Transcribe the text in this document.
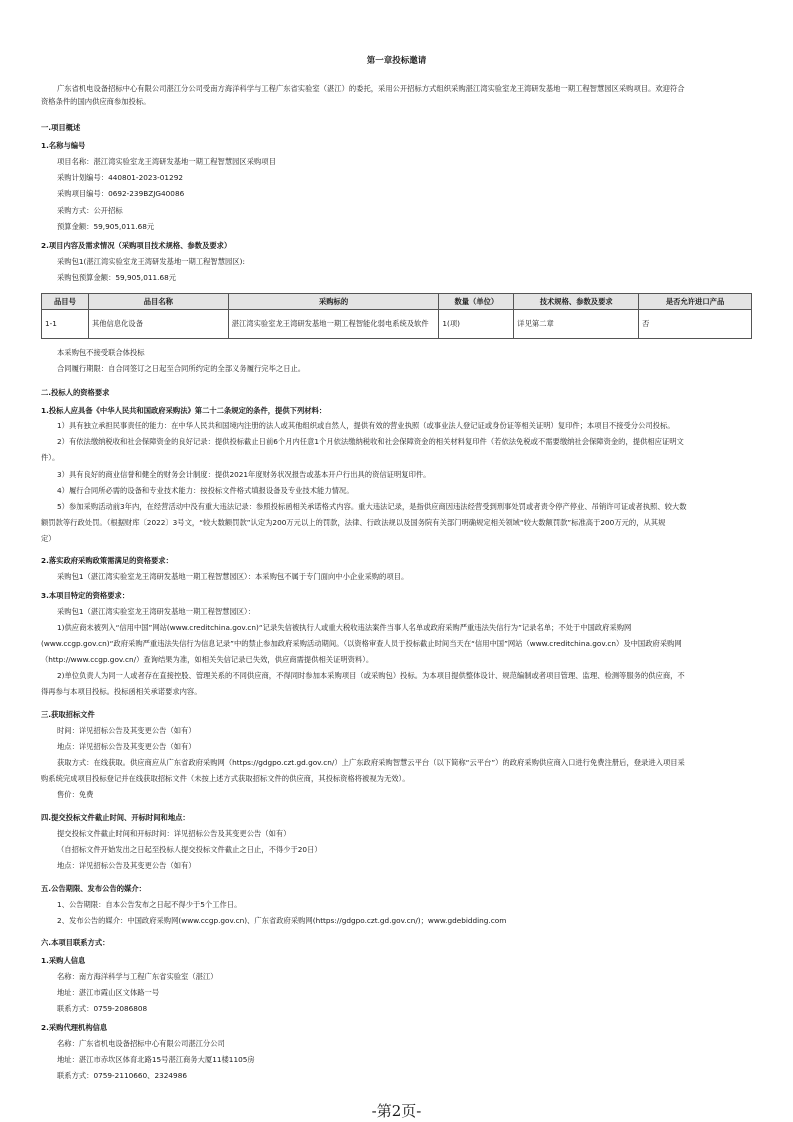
第一章投标邀请
广东省机电设备招标中心有限公司湛江分公司受南方海洋科学与工程广东省实验室（湛江）的委托，采用公开招标方式组织采购湛江湾实验室龙王湾研发基地一期工程智慧园区采购项目。欢迎符合
资格条件的国内供应商参加投标。
一.项目概述
1.名称与编号
项目名称：湛江湾实验室龙王湾研发基地一期工程智慧园区采购项目
采购计划编号：440801-2023-01292
采购项目编号：0692-239BZJG40086
采购方式：公开招标
预算金额：59,905,011.68元
2.项目内容及需求情况（采购项目技术规格、参数及要求）
采购包1(湛江湾实验室龙王湾研发基地一期工程智慧园区):
采购包预算金额：59,905,011.68元
品目号	品目名称	采购标的	数量（单位）	技术规格、参数及要求	是否允许进口产品
1-1	其他信息化设备	湛江湾实验室龙王湾研发基地一期工程智能化弱电系统及软件	1(项)	详见第二章	否
本采购包不接受联合体投标
合同履行期限：自合同签订之日起至合同所约定的全部义务履行完毕之日止。
二.投标人的资格要求
1.投标人应具备《中华人民共和国政府采购法》第二十二条规定的条件，提供下列材料：
1）具有独立承担民事责任的能力：在中华人民共和国境内注册的法人或其他组织或自然人，提供有效的营业执照（或事业法人登记证或身份证等相关证明）复印件；本项目不接受分公司投标。
2）有依法缴纳税收和社会保障资金的良好记录：提供投标截止日前6个月内任意1个月依法缴纳税收和社会保障资金的相关材料复印件（若依法免税或不需要缴纳社会保障资金的，提供相应证明文
件）。
3）具有良好的商业信誉和健全的财务会计制度：提供2021年度财务状况报告或基本开户行出具的资信证明复印件。
4）履行合同所必需的设备和专业技术能力：按投标文件格式填报设备及专业技术能力情况。
5）参加采购活动前3年内，在经营活动中没有重大违法记录：参照投标函相关承诺格式内容。重大违法记录，是指供应商因违法经营受到刑事处罚或者责令停产停业、吊销许可证或者执照、较大数
额罚款等行政处罚。（根据财库〔2022〕3号文，“较大数额罚款”认定为200万元以上的罚款，法律、行政法规以及国务院有关部门明确规定相关领域“较大数额罚款”标准高于200万元的，从其规
定）
2.落实政府采购政策需满足的资格要求：
采购包1（湛江湾实验室龙王湾研发基地一期工程智慧园区）：本采购包不属于专门面向中小企业采购的项目。
3.本项目特定的资格要求：
采购包1（湛江湾实验室龙王湾研发基地一期工程智慧园区）：
1)供应商未被列入“信用中国”网站(www.creditchina.gov.cn)“记录失信被执行人或重大税收违法案件当事人名单或政府采购严重违法失信行为”记录名单；不处于中国政府采购网
(www.ccgp.gov.cn)“政府采购严重违法失信行为信息记录”中的禁止参加政府采购活动期间。（以资格审查人员于投标截止时间当天在“信用中国”网站（www.creditchina.gov.cn）及中国政府采购网
（http://www.ccgp.gov.cn/）查询结果为准，如相关失信记录已失效，供应商需提供相关证明资料）。
2)单位负责人为同一人或者存在直接控股、管理关系的不同供应商，不得同时参加本采购项目（或采购包）投标。为本项目提供整体设计、规范编制或者项目管理、监理、检测等服务的供应商，不
得再参与本项目投标。投标函相关承诺要求内容。
三.获取招标文件
时间：详见招标公告及其变更公告（如有）
地点：详见招标公告及其变更公告（如有）
获取方式：在线获取。供应商应从广东省政府采购网（https://gdgpo.czt.gd.gov.cn/）上广东政府采购智慧云平台（以下简称“云平台”）的政府采购供应商入口进行免费注册后，登录进入项目采
购系统完成项目投标登记并在线获取招标文件（未按上述方式获取招标文件的供应商，其投标资格将被视为无效）。
售价：免费
四.提交投标文件截止时间、开标时间和地点：
提交投标文件截止时间和开标时间：详见招标公告及其变更公告（如有）
（自招标文件开始发出之日起至投标人提交投标文件截止之日止，不得少于20日）
地点：详见招标公告及其变更公告（如有）
五.公告期限、发布公告的媒介：
1、公告期限：自本公告发布之日起不得少于5个工作日。
2、发布公告的媒介：中国政府采购网(www.ccgp.gov.cn)、广东省政府采购网(https://gdgpo.czt.gd.gov.cn/)；www.gdebidding.com
六.本项目联系方式：
1.采购人信息
名称：南方海洋科学与工程广东省实验室（湛江）
地址：湛江市霞山区文体路一号
联系方式：0759-2086808
2.采购代理机构信息
名称：广东省机电设备招标中心有限公司湛江分公司
地址：湛江市赤坎区体育北路15号湛江商务大厦11楼1105房
联系方式：0759-2110660、2324986
-第2页-
